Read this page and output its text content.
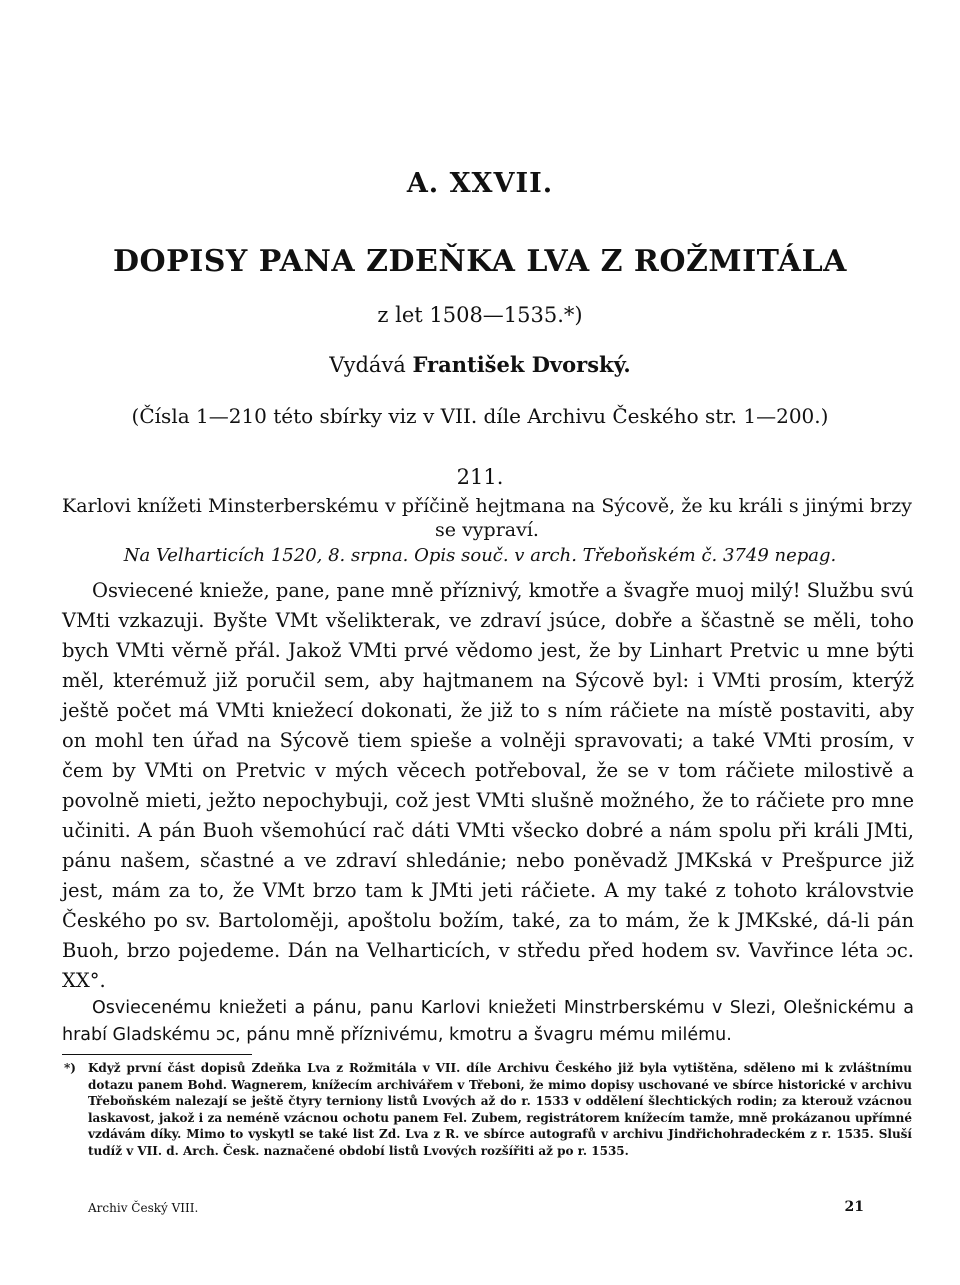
A. XXVII.
DOPISY PANA ZDEŇKA LVA Z ROŽMITÁLA
z let 1508—1535.*)
Vydává František Dvorský.
(Čísla 1—210 této sbírky viz v VII. díle Archivu Českého str. 1—200.)
211.
Karlovi knížeti Minsterberskému v příčině hejtmana na Sýcově, že ku králi s jinými brzy se vypraví.
Na Velharticích 1520, 8. srpna. Opis souč. v arch. Třeboňském č. 3749 nepag.

Osviecené knieže, pane, pane mně příznivý, kmotře a švagře muoj milý! Službu svú VMti vzkazuji. Byšte VMt všelikterak, ve zdraví jsúce, dobře a ščastně se měli, toho bych VMti věrně přál. Jakož VMti prvé vědomo jest, že by Linhart Pretvic u mne býti měl, kterémuž již poručil sem, aby hajtmanem na Sýcově byl: i VMti prosím, kterýž ještě počet má VMti kniežecí dokonati, že již to s ním ráčiete na místě postaviti, aby on mohl ten úřad na Sýcově tiem spieše a volněji spravovati; a také VMti prosím, v čem by VMti on Pretvic v mých věcech potřeboval, že se v tom ráčiete milostivě a povolně mieti, ježto nepochybuji, což jest VMti slušně možného, že to ráčiete pro mne učiniti. A pán Buoh všemohúcí rač dáti VMti všecko dobré a nám spolu při králi JMti, pánu našem, sčastné a ve zdraví shledánie; nebo poněvadž JMKská v Prešpurce již jest, mám za to, že VMt brzo tam k JMti jeti ráčiete. A my také z tohoto královstvie Českého po sv. Bartoloměji, apoštolu božím, také, za to mám, že k JMKské, dá-li pán Buoh, brzo pojedeme. Dán na Velharticích, v středu před hodem sv. Vavřince léta ɔc. XX°.

Osviecenému kniežeti a pánu, panu Karlovi kniežeti Minstrberskému v Slezi, Olešnickému a hrabí Gladskému ɔc, pánu mně příznivému, kmotru a švagru mému milému.
*) Když první část dopisů Zdeňka Lva z Rožmitála v VII. díle Archivu Českého již byla vytištěna, sděleno mi k zvláštnímu dotazu panem Bohd. Wagnerem, knížecím archivářem v Třeboni, že mimo dopisy uschované ve sbírce historické v archivu Třeboňském nalezají se ještě čtyry terniony listů Lvových až do r. 1533 v oddělení šlechtických rodin; za kterouž vzácnou laskavost, jakož i za neméně vzácnou ochotu panem Fel. Zubem, registrátorem knížecím tamže, mně prokázanou upřímné vzdávám díky. Mimo to vyskytl se také list Zd. Lva z R. ve sbírce autografů v archivu Jindřichohradeckém z r. 1535. Sluší tudíž v VII. d. Arch. Česk. naznačené období listů Lvových rozšířiti až po r. 1535.
Archiv Český VIII.	21
